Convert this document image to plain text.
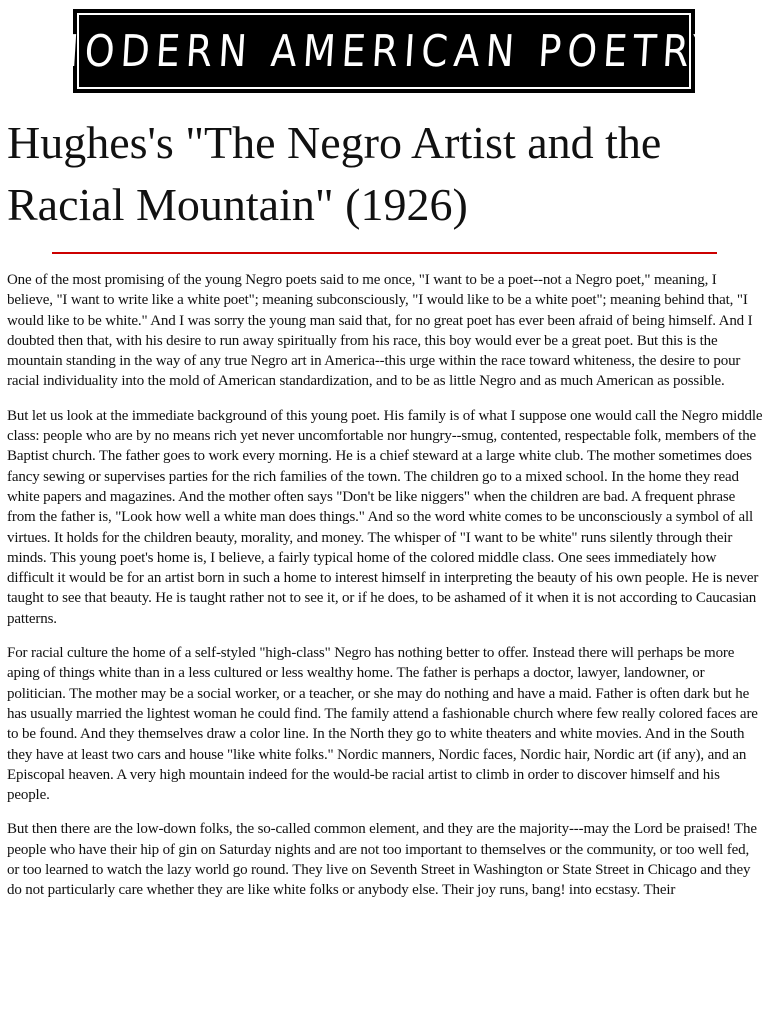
MODERN AMERICAN POETRY
Hughes's "The Negro Artist and the Racial Mountain" (1926)

One of the most promising of the young Negro poets said to me once, "I want to be a poet--not a Negro poet," meaning, I believe, "I want to write like a white poet"; meaning subconsciously, "I would like to be a white poet"; meaning behind that, "I would like to be white." And I was sorry the young man said that, for no great poet has ever been afraid of being himself. And I doubted then that, with his desire to run away spiritually from his race, this boy would ever be a great poet. But this is the mountain standing in the way of any true Negro art in America--this urge within the race toward whiteness, the desire to pour racial individuality into the mold of American standardization, and to be as little Negro and as much American as possible.

But let us look at the immediate background of this young poet. His family is of what I suppose one would call the Negro middle class: people who are by no means rich yet never uncomfortable nor hungry--smug, contented, respectable folk, members of the Baptist church. The father goes to work every morning. He is a chief steward at a large white club. The mother sometimes does fancy sewing or supervises parties for the rich families of the town. The children go to a mixed school. In the home they read white papers and magazines. And the mother often says "Don't be like niggers" when the children are bad. A frequent phrase from the father is, "Look how well a white man does things." And so the word white comes to be unconsciously a symbol of all virtues. It holds for the children beauty, morality, and money. The whisper of "I want to be white" runs silently through their minds. This young poet's home is, I believe, a fairly typical home of the colored middle class. One sees immediately how difficult it would be for an artist born in such a home to interest himself in interpreting the beauty of his own people. He is never taught to see that beauty. He is taught rather not to see it, or if he does, to be ashamed of it when it is not according to Caucasian patterns.

For racial culture the home of a self-styled "high-class" Negro has nothing better to offer. Instead there will perhaps be more aping of things white than in a less cultured or less wealthy home. The father is perhaps a doctor, lawyer, landowner, or politician. The mother may be a social worker, or a teacher, or she may do nothing and have a maid. Father is often dark but he has usually married the lightest woman he could find. The family attend a fashionable church where few really colored faces are to be found. And they themselves draw a color line. In the North they go to white theaters and white movies. And in the South they have at least two cars and house "like white folks." Nordic manners, Nordic faces, Nordic hair, Nordic art (if any), and an Episcopal heaven. A very high mountain indeed for the would-be racial artist to climb in order to discover himself and his people.

But then there are the low-down folks, the so-called common element, and they are the majority---may the Lord be praised! The people who have their hip of gin on Saturday nights and are not too important to themselves or the community, or too well fed, or too learned to watch the lazy world go round. They live on Seventh Street in Washington or State Street in Chicago and they do not particularly care whether they are like white folks or anybody else. Their joy runs, bang! into ecstasy. Their
